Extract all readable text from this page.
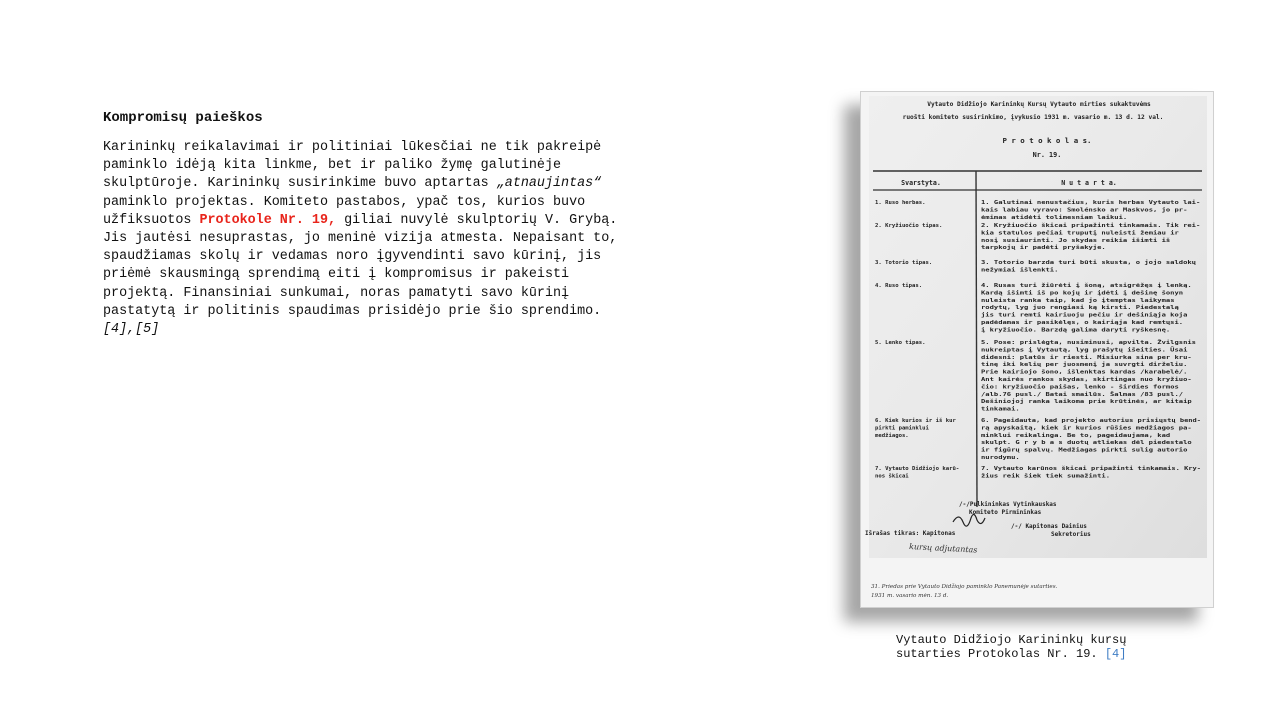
Kompromisų paieškos

Karininkų reikalavimai ir politiniai lūkesčiai ne tik pakreipė paminklo idėją kita linkme, bet ir paliko žymę galutinėje skulptūroje. Karininkų susirinkime buvo aptartas „atnaujintas“ paminklo projektas. Komiteto pastabos, ypač tos, kurios buvo užfiksuotos Protokole Nr. 19, giliai nuvylė skulptorių V. Grybą. Jis jautėsi nesuprastas, jo meninė vizija atmesta. Nepaisant to, spaudžiamas skolų ir vedamas noro įgyvendinti savo kūrinį, jis priėmė skausmingą sprendimą eiti į kompromisus ir pakeisti projektą. Finansiniai sunkumai, noras pamatyti savo kūrinį pastatytą ir politinis spaudimas prisidėjo prie šio sprendimo.
[4],[5]

Vytauto Didžiojo Karininkų Kursų Vytauto mirties sukaktuvėms
ruošti komiteto susirinkimo, įvykusio 1931 m. vasario m. 13 d. 12 val.
P r o t o k o l a s.
Nr. 19.
Svarstyta.	N u t a r t a.
1. Ruso herbas.	1. Galutinai nenustačius, kuris herbas Vytauto lai-
kais labiau vyravo: Smolénsko ar Maskvos, jo pr-
ėmimas atidėti tolimesniam laikui.
2. Kryžiuočio tipas.	2. Kryžiuočio škicai pripažinti tinkamais. Tik rei-
kia statulos pečiai truputį nuleisti žemiau ir
nosį susiaurinti. Jo skydas reikia išimti iš
tarpkojų ir padėti pryšakyje.
3. Totorio tipas.	3. Totorio barzda turi būti skusta, o jojo saldokų
nežymiai išlenkti.
4. Ruso tipas.	4. Rusas turi žiūrėti į šoną, atsigrėžęs į lenką.
Kardą išimti iš po kojų ir įdėti į dešinę šonyn
nuleista ranka taip, kad jo įtemptas laikymas
rodytų, lyg juo rengiasi ką kirsti. Piedestalą
jis turi remti kairiuoju pečiu ir dešiniąja koja
padėdamas ir pasikėlęs, o kairiąja kad remtųsi.
į kryžiuočio. Barzdą galima daryti ryškesnę.
5. Lenko tipas.	5. Pose: prislėgta, nusiminusi, apvilta. Žvilgsnis
nukreiptas į Vytautą, lyg prašytų išeities. Ūsai
didesni: platūs ir riesti. Misiurka sina per kru-
tinę iki kelių per juosmenį ja suvrgti dirželiu.
Prie kairiojo šono, išlenktas kardas /karabelė/.
Ant kairės rankos skydas, skirtingas nuo kryžiuo-
čio: kryžiuočio paišas, lenko - širdies formos
/alb.76 pusl./ Batai smailūs. Šalmas /83 pusl./
Dešiniojoj ranka laikoma prie krūtinės, ar kitaip
tinkamai.
6. Kiek kurios ir iš kur
pirkti paminklui
medžiagos.
6. Pageidauta, kad projekto autorius prisiųstų bend-
rą apyskaitą, kiek ir kurios rūšies medžiagos pa-
minklui reikalinga. Be to, pageidaujama, kad
skulpt. G r y b a s duotų atliekas dėl piedestalo
ir figūrų spalvų. Medžiagas pirkti sulig autorio
nurodymu.
7. Vytauto Didžiojo karū-
nos škicai
7. Vytauto karūnos škicai pripažinti tinkamais. Kry-
žius reik šiek tiek sumažinti.
/-/Pulkininkas Vytinkauskas
Komiteto Pirmininkas
Išrašas tikras: Kapitonas
/-/ Kapitonas Dainius
Sekretorius
kursų adjutantas
31. Priedas prie Vytauto Didžiojo paminklo Panemunėje sutarties.
1931 m. vasario mėn. 13 d.
Vytauto Didžiojo Karininkų kursų sutarties Protokolas Nr. 19. [4]
